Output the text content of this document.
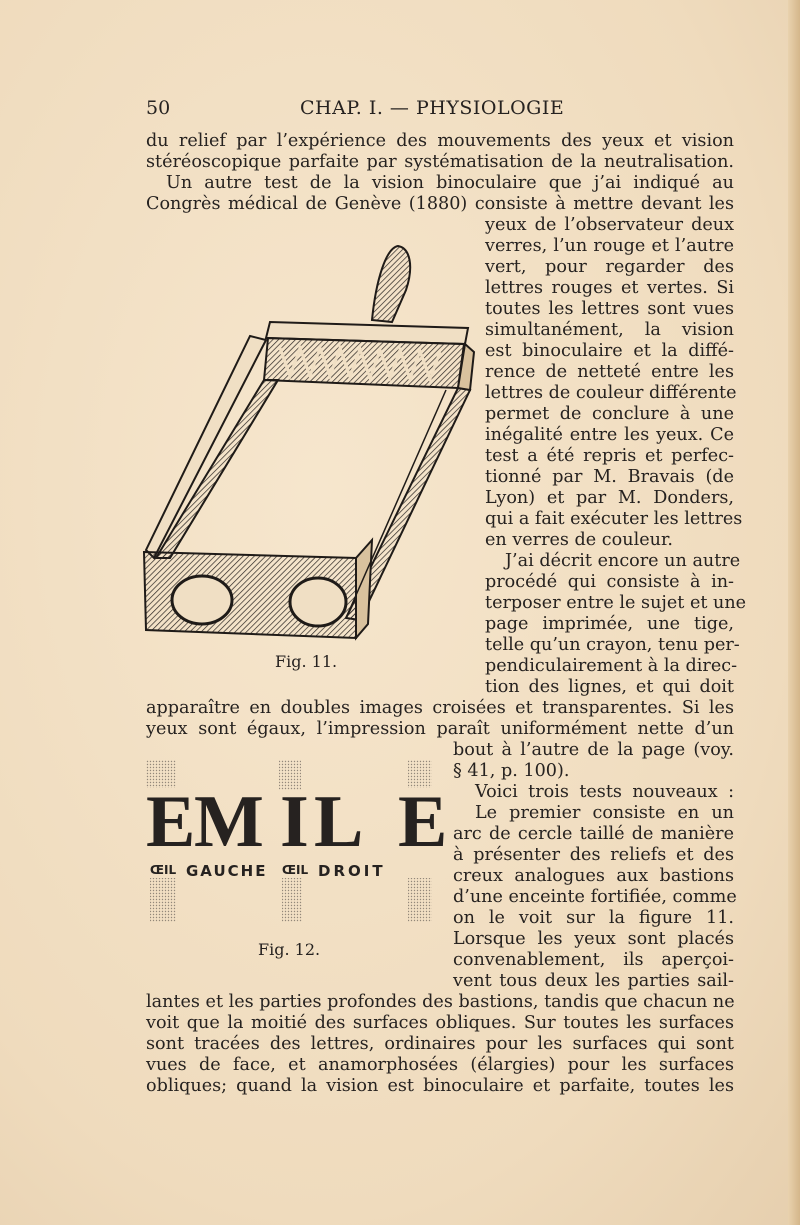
50	CHAP. I. — PHYSIOLOGIE
du relief par l’expérience des mouvements des yeux et vision
stéréoscopique parfaite par systématisation de la neutralisation.
Un autre test de la vision binoculaire que j’ai indiqué au
Congrès médical de Genève (1880) consiste à mettre devant les
yeux de l’observateur deux
verres, l’un rouge et l’autre
vert, pour regarder des
lettres rouges et vertes. Si
toutes les lettres sont vues
simultanément, la vision
est binoculaire et la diffé-
rence de netteté entre les
lettres de couleur différente
permet de conclure à une
inégalité entre les yeux. Ce
test a été repris et perfec-
tionné par M. Bravais (de
Lyon) et par M. Donders,
qui a fait exécuter les lettres
en verres de couleur.
J’ai décrit encore un autre
procédé qui consiste à in-
terposer entre le sujet et une
page imprimée, une tige,
telle qu’un crayon, tenu per-
pendiculairement à la direc-
tion des lignes, et qui doit
apparaître en doubles images croisées et transparentes. Si les
yeux sont égaux, l’impression paraît uniformément nette d’un
bout à l’autre de la page (voy.
§ 41, p. 100).
Voici trois tests nouveaux :
Le premier consiste en un
arc de cercle taillé de manière
à présenter des reliefs et des
creux analogues aux bastions
d’une enceinte fortifiée, comme
on le voit sur la figure 11.
Lorsque les yeux sont placés
convenablement, ils aperçoi-
vent tous deux les parties sail-
lantes et les parties profondes des bastions, tandis que chacun ne
voit que la moitié des surfaces obliques. Sur toutes les surfaces
sont tracées des lettres, ordinaires pour les surfaces qui sont
vues de face, et anamorphosées (élargies) pour les surfaces
obliques; quand la vision est binoculaire et parfaite, toutes les
Fig. 11.
E
M I L E
ŒIL GAUCHE ŒIL DROIT
Fig. 12.
